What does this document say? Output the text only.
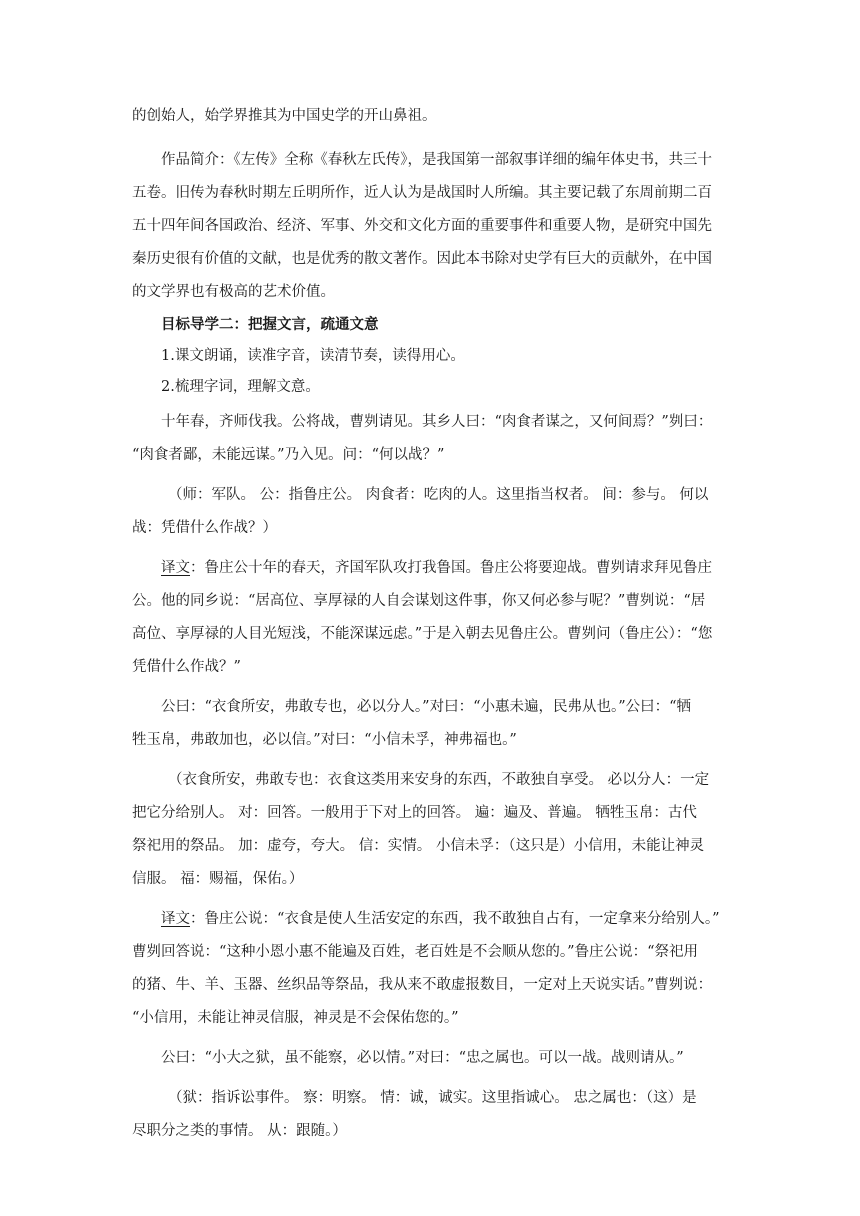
的创始人，始学界推其为中国史学的开山鼻祖。

作品简介：《左传》全称《春秋左氏传》，是我国第一部叙事详细的编年体史书，共三十

五卷。旧传为春秋时期左丘明所作，近人认为是战国时人所编。其主要记载了东周前期二百

五十四年间各国政治、经济、军事、外交和文化方面的重要事件和重要人物，是研究中国先

秦历史很有价值的文献，也是优秀的散文著作。因此本书除对史学有巨大的贡献外，在中国

的文学界也有极高的艺术价值。

目标导学二：把握文言，疏通文意

1.课文朗诵，读准字音，读清节奏，读得用心。

2.梳理字词，理解文意。

十年春，齐师伐我。公将战，曹刿请见。其乡人曰：“肉食者谋之，又何间焉？”刿曰：

“肉食者鄙，未能远谋。”乃入见。问：“何以战？”

（师：军队。 公：指鲁庄公。 肉食者：吃肉的人。这里指当权者。 间：参与。 何以

战：凭借什么作战？）

译文：鲁庄公十年的春天，齐国军队攻打我鲁国。鲁庄公将要迎战。曹刿请求拜见鲁庄

公。他的同乡说：“居高位、享厚禄的人自会谋划这件事，你又何必参与呢？”曹刿说：“居

高位、享厚禄的人目光短浅，不能深谋远虑。”于是入朝去见鲁庄公。曹刿问（鲁庄公）：“您

凭借什么作战？”

公曰：“衣食所安，弗敢专也，必以分人。”对曰：“小惠未遍，民弗从也。”公曰：“牺

牲玉帛，弗敢加也，必以信。”对曰：“小信未孚，神弗福也。”

（衣食所安，弗敢专也：衣食这类用来安身的东西，不敢独自享受。 必以分人：一定

把它分给别人。 对：回答。一般用于下对上的回答。 遍：遍及、普遍。 牺牲玉帛：古代

祭祀用的祭品。 加：虚夸，夸大。 信：实情。 小信未孚：（这只是）小信用，未能让神灵

信服。 福：赐福，保佑。）

译文：鲁庄公说：“衣食是使人生活安定的东西，我不敢独自占有，一定拿来分给别人。”

曹刿回答说：“这种小恩小惠不能遍及百姓，老百姓是不会顺从您的。”鲁庄公说：“祭祀用

的猪、牛、羊、玉器、丝织品等祭品，我从来不敢虚报数目，一定对上天说实话。”曹刿说：

“小信用，未能让神灵信服，神灵是不会保佑您的。”

公曰：“小大之狱，虽不能察，必以情。”对曰：“忠之属也。可以一战。战则请从。”

（狱：指诉讼事件。 察：明察。 情：诚，诚实。这里指诚心。 忠之属也：（这）是

尽职分之类的事情。 从：跟随。）
